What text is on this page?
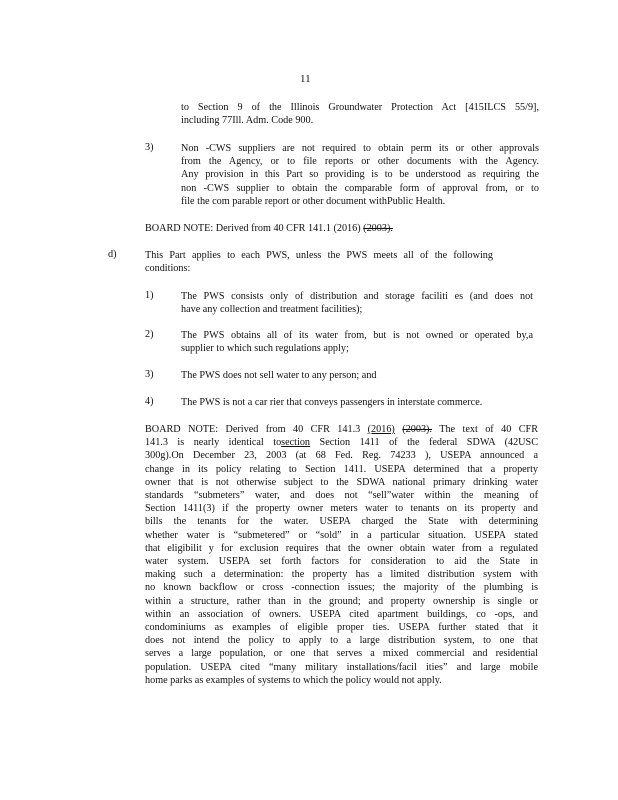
11
to Section 9 of the Illinois Groundwater Protection Act [415ILCS 55/9],
including 77Ill. Adm. Code 900.
3)	Non -CWS suppliers are not required to obtain perm its or other approvals
from the Agency, or to file reports or other documents with the Agency.
Any provision in this Part so providing is to be understood as requiring the
non -CWS supplier to obtain the comparable form of approval from, or to
file the com parable report or other document withPublic Health.
BOARD NOTE: Derived from 40 CFR 141.1 (2016) (2003).
d)	This Part applies to each PWS, unless the PWS meets all of the following
conditions:
1)	The PWS consists only of distribution and storage faciliti es (and does not
have any collection and treatment facilities);
2)	The PWS obtains all of its water from, but is not owned or operated by,a
supplier to which such regulations apply;
3)	The PWS does not sell water to any person; and
4)	The PWS is not a car rier that conveys passengers in interstate commerce.
BOARD NOTE: Derived from 40 CFR 141.3 (2016) (2003). The text of 40 CFR
141.3 is nearly identical tosection Section 1411 of the federal SDWA (42USC
300g).On December 23, 2003 (at 68 Fed. Reg. 74233 ), USEPA announced a
change in its policy relating to Section 1411. USEPA determined that a property
owner that is not otherwise subject to the SDWA national primary drinking water
standards “submeters” water, and does not “sell”water within the meaning of
Section 1411(3) if the property owner meters water to tenants on its property and
bills the tenants for the water. USEPA charged the State with determining
whether water is “submetered” or “sold” in a particular situation. USEPA stated
that eligibilit y for exclusion requires that the owner obtain water from a regulated
water system. USEPA set forth factors for consideration to aid the State in
making such a determination: the property has a limited distribution system with
no known backflow or cross -connection issues; the majority of the plumbing is
within a structure, rather than in the ground; and property ownership is single or
within an association of owners. USEPA cited apartment buildings, co -ops, and
condominiums as examples of eligible proper ties. USEPA further stated that it
does not intend the policy to apply to a large distribution system, to one that
serves a large population, or one that serves a mixed commercial and residential
population. USEPA cited “many military installations/facil ities” and large mobile
home parks as examples of systems to which the policy would not apply.
